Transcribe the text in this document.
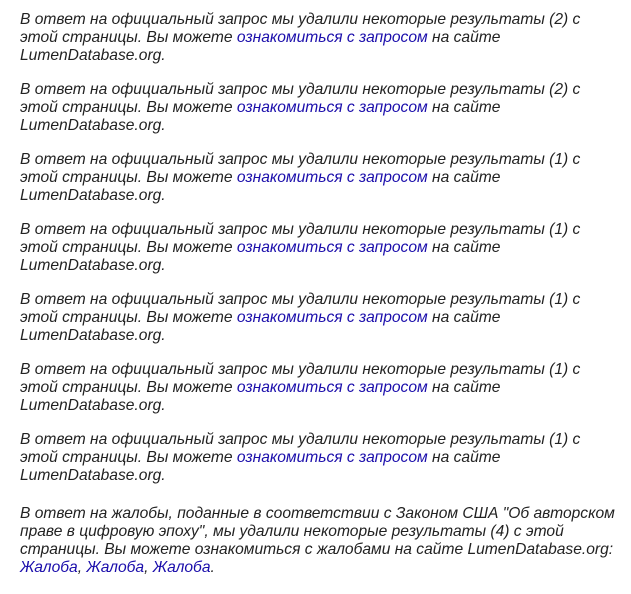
В ответ на официальный запрос мы удалили некоторые результаты (2) с этой страницы. Вы можете ознакомиться с запросом на сайте LumenDatabase.org.

В ответ на официальный запрос мы удалили некоторые результаты (2) с этой страницы. Вы можете ознакомиться с запросом на сайте LumenDatabase.org.

В ответ на официальный запрос мы удалили некоторые результаты (1) с этой страницы. Вы можете ознакомиться с запросом на сайте LumenDatabase.org.

В ответ на официальный запрос мы удалили некоторые результаты (1) с этой страницы. Вы можете ознакомиться с запросом на сайте LumenDatabase.org.

В ответ на официальный запрос мы удалили некоторые результаты (1) с этой страницы. Вы можете ознакомиться с запросом на сайте LumenDatabase.org.

В ответ на официальный запрос мы удалили некоторые результаты (1) с этой страницы. Вы можете ознакомиться с запросом на сайте LumenDatabase.org.

В ответ на официальный запрос мы удалили некоторые результаты (1) с этой страницы. Вы можете ознакомиться с запросом на сайте LumenDatabase.org.

В ответ на жалобы, поданные в соответствии с Законом США "Об авторском праве в цифровую эпоху", мы удалили некоторые результаты (4) с этой страницы. Вы можете ознакомиться с жалобами на сайте LumenDatabase.org: Жалоба, Жалоба, Жалоба.
